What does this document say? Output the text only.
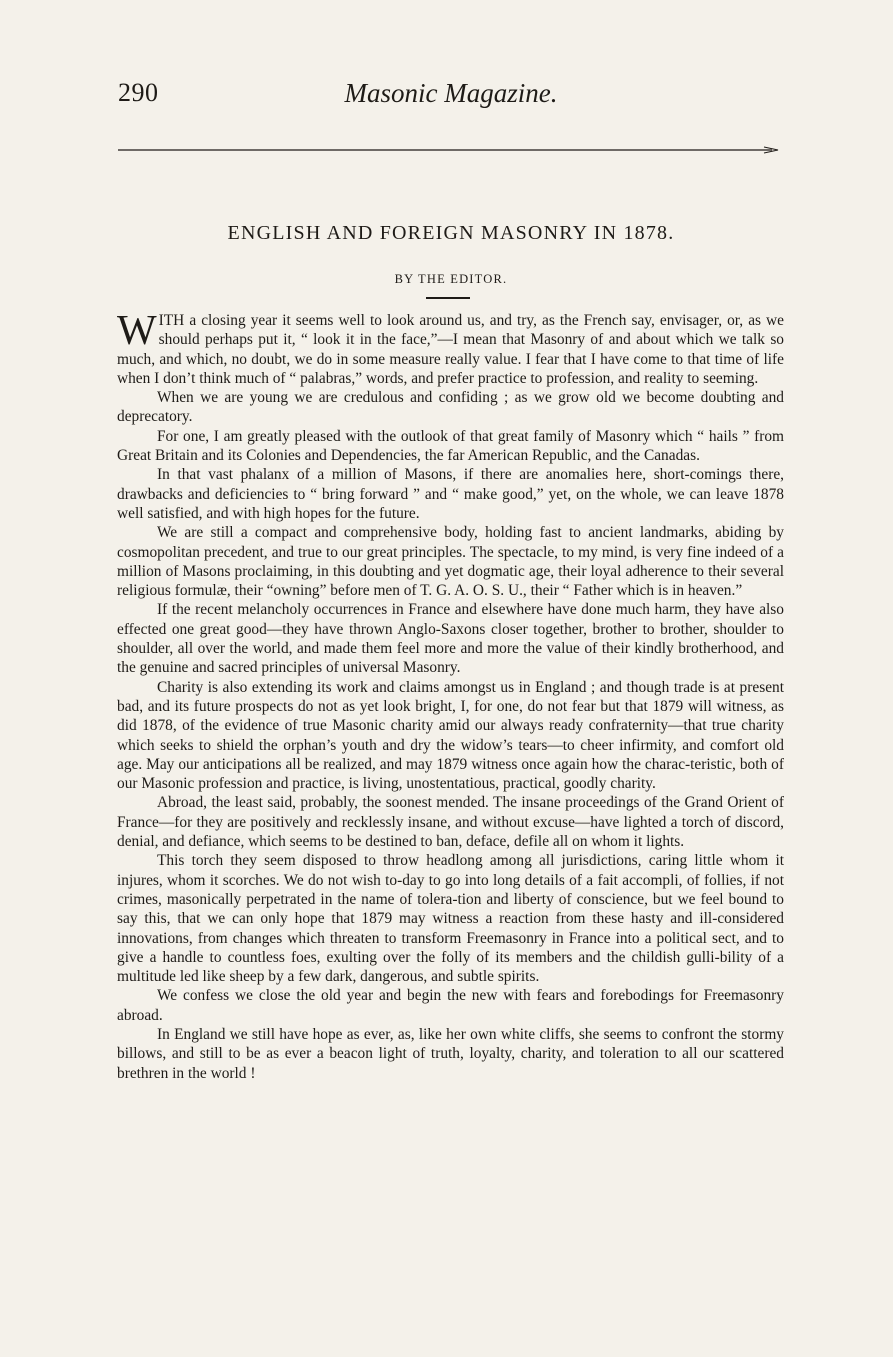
290	Masonic Magazine.
ENGLISH AND FOREIGN MASONRY IN 1878.
BY THE EDITOR.

WITH a closing year it seems well to look around us, and try, as the French say, envisager, or, as we should perhaps put it, “ look it in the face,”—I mean that Masonry of and about which we talk so much, and which, no doubt, we do in some measure really value. I fear that I have come to that time of life when I don’t think much of “ palabras,” words, and prefer practice to profession, and reality to seeming.

When we are young we are credulous and confiding ; as we grow old we become doubting and deprecatory.

For one, I am greatly pleased with the outlook of that great family of Masonry which “ hails ” from Great Britain and its Colonies and Dependencies, the far American Republic, and the Canadas.

In that vast phalanx of a million of Masons, if there are anomalies here, short-comings there, drawbacks and deficiencies to “ bring forward ” and “ make good,” yet, on the whole, we can leave 1878 well satisfied, and with high hopes for the future.

We are still a compact and comprehensive body, holding fast to ancient landmarks, abiding by cosmopolitan precedent, and true to our great principles. The spectacle, to my mind, is very fine indeed of a million of Masons proclaiming, in this doubting and yet dogmatic age, their loyal adherence to their several religious formulæ, their “owning” before men of T. G. A. O. S. U., their “ Father which is in heaven.”

If the recent melancholy occurrences in France and elsewhere have done much harm, they have also effected one great good—they have thrown Anglo-Saxons closer together, brother to brother, shoulder to shoulder, all over the world, and made them feel more and more the value of their kindly brotherhood, and the genuine and sacred principles of universal Masonry.

Charity is also extending its work and claims amongst us in England ; and though trade is at present bad, and its future prospects do not as yet look bright, I, for one, do not fear but that 1879 will witness, as did 1878, of the evidence of true Masonic charity amid our always ready confraternity—that true charity which seeks to shield the orphan’s youth and dry the widow’s tears—to cheer infirmity, and comfort old age. May our anticipations all be realized, and may 1879 witness once again how the charac-teristic, both of our Masonic profession and practice, is living, unostentatious, practical, goodly charity.

Abroad, the least said, probably, the soonest mended. The insane proceedings of the Grand Orient of France—for they are positively and recklessly insane, and without excuse—have lighted a torch of discord, denial, and defiance, which seems to be destined to ban, deface, defile all on whom it lights.

This torch they seem disposed to throw headlong among all jurisdictions, caring little whom it injures, whom it scorches. We do not wish to-day to go into long details of a fait accompli, of follies, if not crimes, masonically perpetrated in the name of tolera-tion and liberty of conscience, but we feel bound to say this, that we can only hope that 1879 may witness a reaction from these hasty and ill-considered innovations, from changes which threaten to transform Freemasonry in France into a political sect, and to give a handle to countless foes, exulting over the folly of its members and the childish gulli-bility of a multitude led like sheep by a few dark, dangerous, and subtle spirits.

We confess we close the old year and begin the new with fears and forebodings for Freemasonry abroad.

In England we still have hope as ever, as, like her own white cliffs, she seems to confront the stormy billows, and still to be as ever a beacon light of truth, loyalty, charity, and toleration to all our scattered brethren in the world !
